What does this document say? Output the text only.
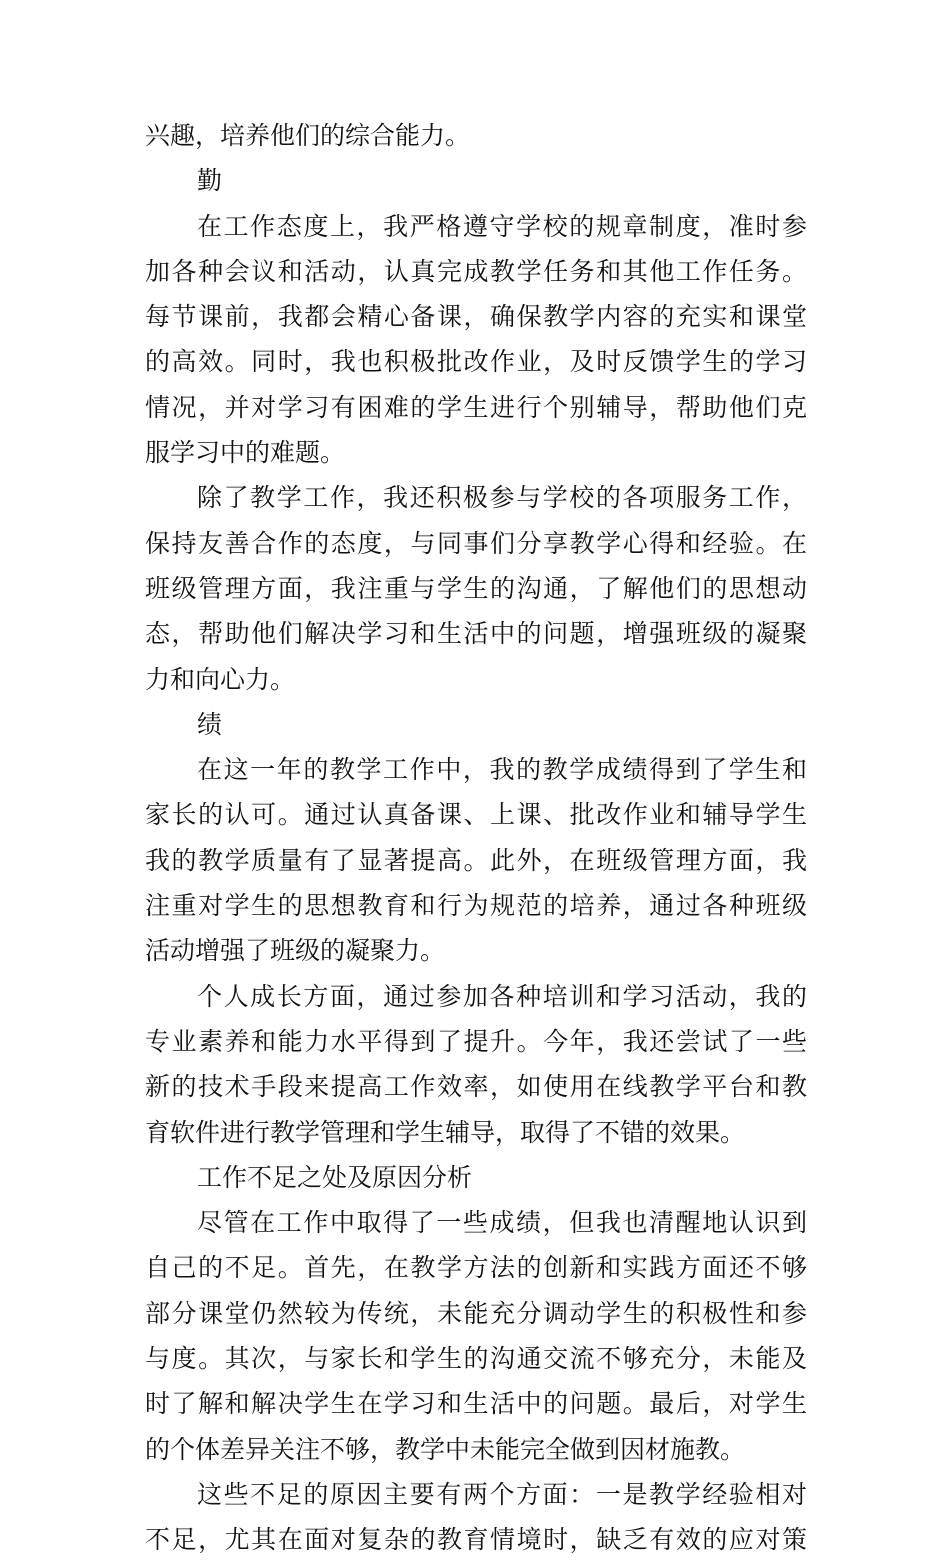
兴趣，培养他们的综合能力。
勤
在工作态度上，我严格遵守学校的规章制度，准时参
加各种会议和活动，认真完成教学任务和其他工作任务。
每节课前，我都会精心备课，确保教学内容的充实和课堂
的高效。同时，我也积极批改作业，及时反馈学生的学习
情况，并对学习有困难的学生进行个别辅导，帮助他们克
服学习中的难题。
除了教学工作，我还积极参与学校的各项服务工作，
保持友善合作的态度，与同事们分享教学心得和经验。在
班级管理方面，我注重与学生的沟通，了解他们的思想动
态，帮助他们解决学习和生活中的问题，增强班级的凝聚
力和向心力。
绩
在这一年的教学工作中，我的教学成绩得到了学生和
家长的认可。通过认真备课、上课、批改作业和辅导学生
我的教学质量有了显著提高。此外，在班级管理方面，我
注重对学生的思想教育和行为规范的培养，通过各种班级
活动增强了班级的凝聚力。
个人成长方面，通过参加各种培训和学习活动，我的
专业素养和能力水平得到了提升。今年，我还尝试了一些
新的技术手段来提高工作效率，如使用在线教学平台和教
育软件进行教学管理和学生辅导，取得了不错的效果。
工作不足之处及原因分析
尽管在工作中取得了一些成绩，但我也清醒地认识到
自己的不足。首先，在教学方法的创新和实践方面还不够
部分课堂仍然较为传统，未能充分调动学生的积极性和参
与度。其次，与家长和学生的沟通交流不够充分，未能及
时了解和解决学生在学习和生活中的问题。最后，对学生
的个体差异关注不够，教学中未能完全做到因材施教。
这些不足的原因主要有两个方面：一是教学经验相对
不足，尤其在面对复杂的教育情境时，缺乏有效的应对策
